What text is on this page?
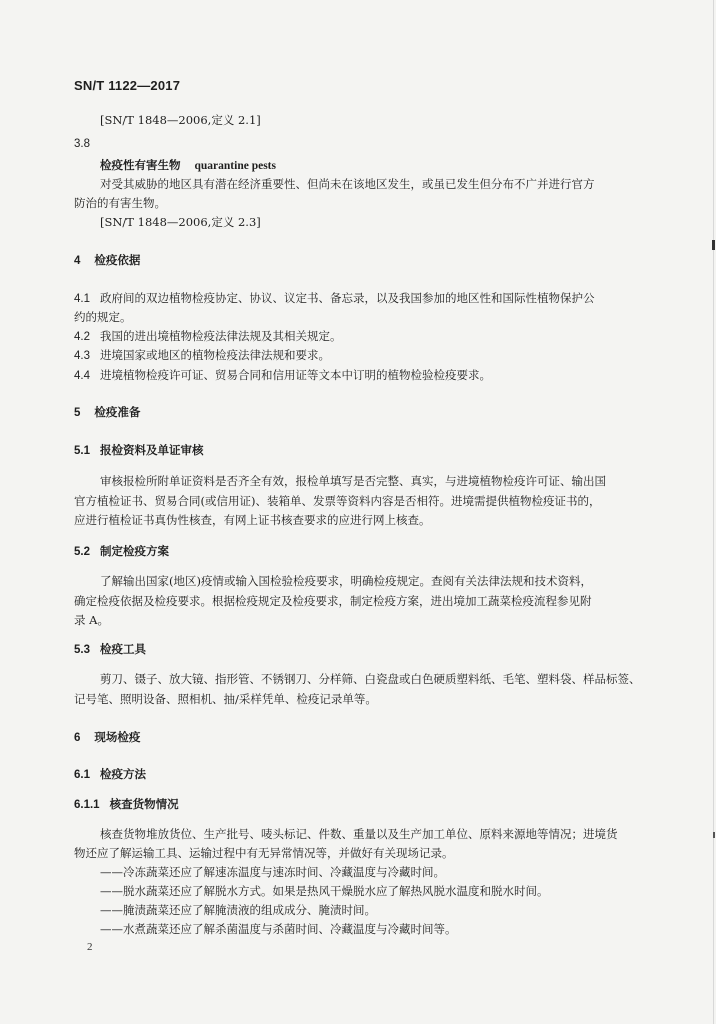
SN/T 1122—2017
[SN/T 1848—2006,定义 2.1]
3.8
检疫性有害生物 quarantine pests
对受其威胁的地区具有潜在经济重要性、但尚未在该地区发生，或虽已发生但分布不广并进行官方
防治的有害生物。
[SN/T 1848—2006,定义 2.3]
4 检疫依据
4.1 政府间的双边植物检疫协定、协议、议定书、备忘录，以及我国参加的地区性和国际性植物保护公
约的规定。
4.2 我国的进出境植物检疫法律法规及其相关规定。
4.3 进境国家或地区的植物检疫法律法规和要求。
4.4 进境植物检疫许可证、贸易合同和信用证等文本中订明的植物检验检疫要求。
5 检疫准备
5.1 报检资料及单证审核
审核报检所附单证资料是否齐全有效，报检单填写是否完整、真实，与进境植物检疫许可证、输出国
官方植检证书、贸易合同(或信用证)、装箱单、发票等资料内容是否相符。进境需提供植物检疫证书的，
应进行植检证书真伪性核查，有网上证书核查要求的应进行网上核查。
5.2 制定检疫方案
了解输出国家(地区)疫情或输入国检验检疫要求，明确检疫规定。查阅有关法律法规和技术资料，
确定检疫依据及检疫要求。根据检疫规定及检疫要求，制定检疫方案，进出境加工蔬菜检疫流程参见附
录 A。
5.3 检疫工具
剪刀、镊子、放大镜、指形管、不锈钢刀、分样筛、白瓷盘或白色硬质塑料纸、毛笔、塑料袋、样品标签、
记号笔、照明设备、照相机、抽/采样凭单、检疫记录单等。
6 现场检疫
6.1 检疫方法
6.1.1 核查货物情况
核查货物堆放货位、生产批号、唛头标记、件数、重量以及生产加工单位、原料来源地等情况；进境货
物还应了解运输工具、运输过程中有无异常情况等，并做好有关现场记录。
——冷冻蔬菜还应了解速冻温度与速冻时间、冷藏温度与冷藏时间。
——脱水蔬菜还应了解脱水方式。如果是热风干燥脱水应了解热风脱水温度和脱水时间。
——腌渍蔬菜还应了解腌渍液的组成成分、腌渍时间。
——水煮蔬菜还应了解杀菌温度与杀菌时间、冷藏温度与冷藏时间等。
2
